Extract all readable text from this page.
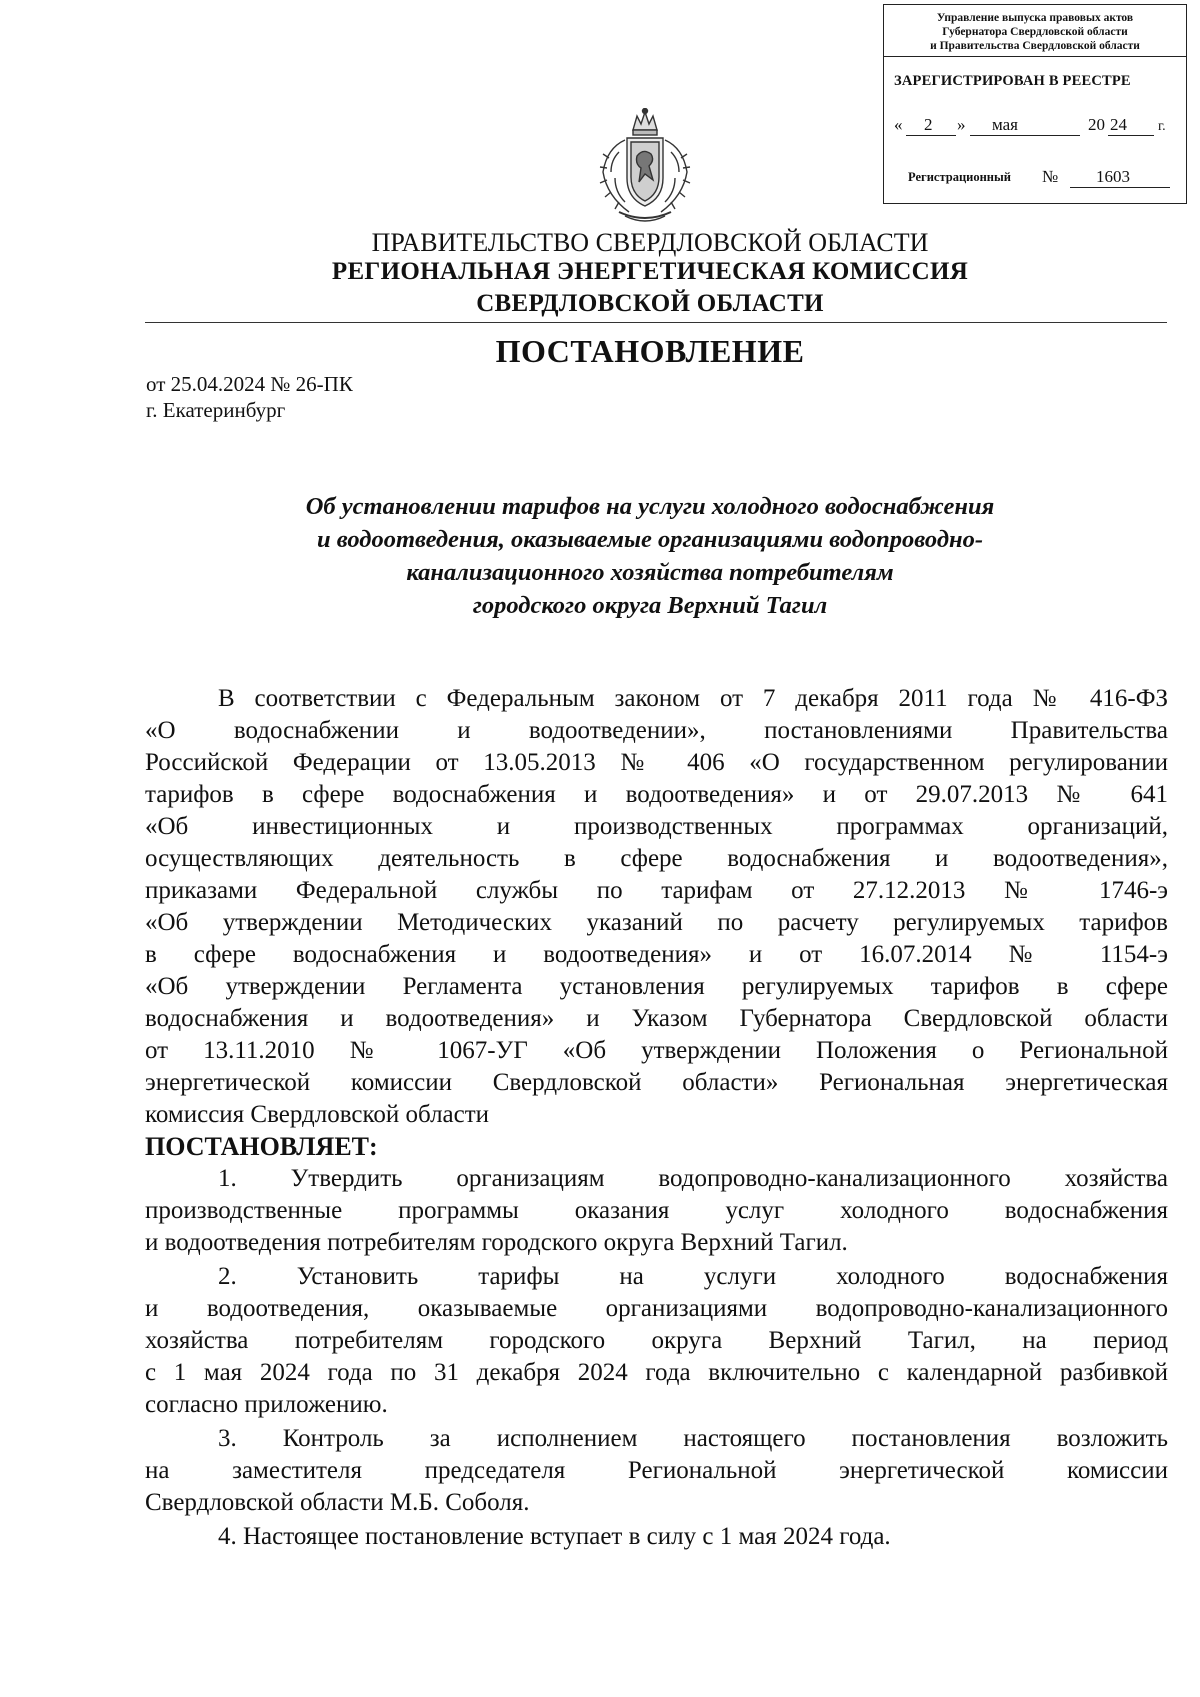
Управление выпуска правовых актов
Губернатора Свердловской области
и Правительства Свердловской области
ЗАРЕГИСТРИРОВАН В РЕЕСТРЕ
« 2 » мая	20 24 г.
Регистрационный № 1603
ПРАВИТЕЛЬСТВО СВЕРДЛОВСКОЙ ОБЛАСТИ
РЕГИОНАЛЬНАЯ ЭНЕРГЕТИЧЕСКАЯ КОМИССИЯ
СВЕРДЛОВСКОЙ ОБЛАСТИ
ПОСТАНОВЛЕНИЕ
от 25.04.2024 № 26-ПК
г. Екатеринбург
Об установлении тарифов на услуги холодного водоснабжения
и водоотведения, оказываемые организациями водопроводно-
канализационного хозяйства потребителям
городского округа Верхний Тагил
В соответствии с Федеральным законом от 7 декабря 2011 года № 416-ФЗ
«О водоснабжении и водоотведении», постановлениями Правительства
Российской Федерации от 13.05.2013 № 406 «О государственном регулировании
тарифов в сфере водоснабжения и водоотведения» и от 29.07.2013 № 641
«Об инвестиционных и производственных программах организаций,
осуществляющих деятельность в сфере водоснабжения и водоотведения»,
приказами Федеральной службы по тарифам от 27.12.2013 № 1746-э
«Об утверждении Методических указаний по расчету регулируемых тарифов
в сфере водоснабжения и водоотведения» и от 16.07.2014 № 1154-э
«Об утверждении Регламента установления регулируемых тарифов в сфере
водоснабжения и водоотведения» и Указом Губернатора Свердловской области
от 13.11.2010 № 1067-УГ «Об утверждении Положения о Региональной
энергетической комиссии Свердловской области» Региональная энергетическая
комиссия Свердловской области
ПОСТАНОВЛЯЕТ:
1. Утвердить организациям водопроводно-канализационного хозяйства
производственные программы оказания услуг холодного водоснабжения
и водоотведения потребителям городского округа Верхний Тагил.
2. Установить тарифы на услуги холодного водоснабжения
и водоотведения, оказываемые организациями водопроводно-канализационного
хозяйства потребителям городского округа Верхний Тагил, на период
с 1 мая 2024 года по 31 декабря 2024 года включительно с календарной разбивкой
согласно приложению.
3. Контроль за исполнением настоящего постановления возложить
на заместителя председателя Региональной энергетической комиссии
Свердловской области М.Б. Соболя.
4. Настоящее постановление вступает в силу с 1 мая 2024 года.
